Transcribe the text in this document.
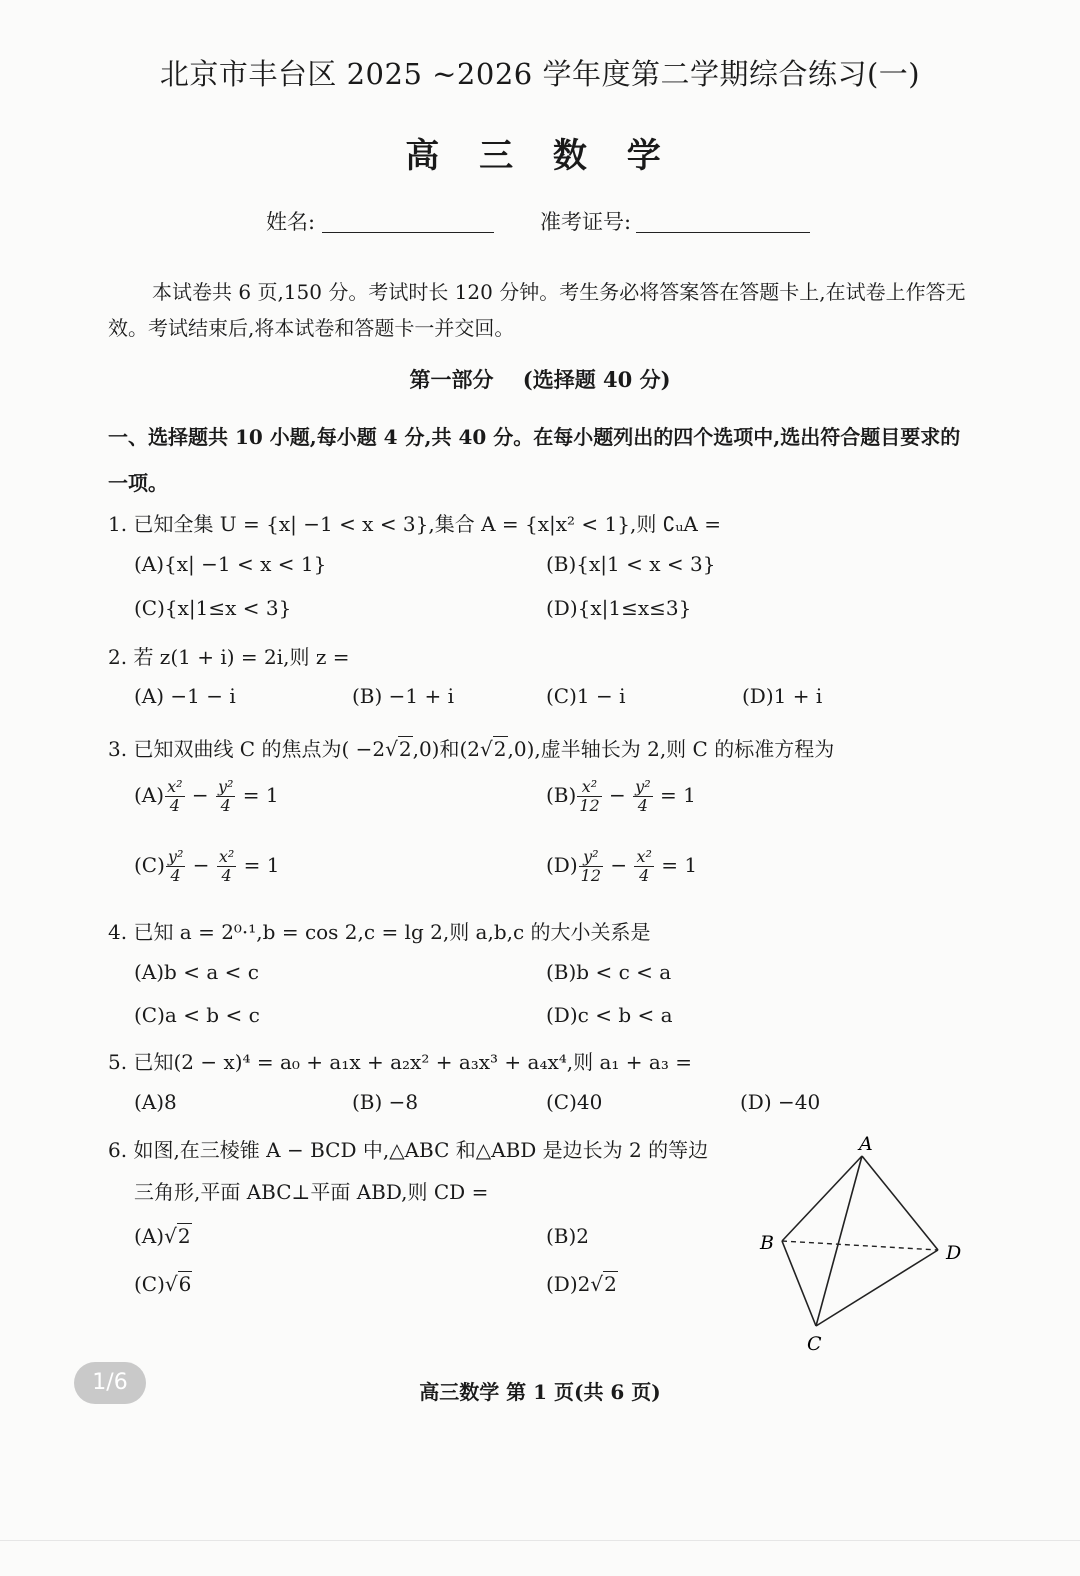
北京市丰台区 2025 ~2026 学年度第二学期综合练习(一)
高 三 数 学
姓名:	准考证号:
本试卷共 6 页,150 分。考试时长 120 分钟。考生务必将答案答在答题卡上,在试卷上作答无效。考试结束后,将本试卷和答题卡一并交回。
第一部分 (选择题 40 分)
一、选择题共 10 小题,每小题 4 分,共 40 分。在每小题列出的四个选项中,选出符合题目要求的一项。
1. 已知全集 U = {x| −1 < x < 3},集合 A = {x|x² < 1},则 ∁ᵤA =
(A){x| −1 < x < 1}	(B){x|1 < x < 3}
(C){x|1≤x < 3}	(D){x|1≤x≤3}
2. 若 z(1 + i) = 2i,则 z =
(A) −1 − i	(B) −1 + i	(C)1 − i	(D)1 + i
3. 已知双曲线 C 的焦点为( −2√2,0)和(2√2,0),虚半轴长为 2,则 C 的标准方程为
$(A) \frac{\text{x²}}{4} - \frac{\text{y²}}{4} = 1$	$(B) \frac{\text{x²}}{12} - \frac{\text{y²}}{4} = 1$
$(C) \frac{\text{y²}}{4} - \frac{\text{x²}}{4} = 1$	$(D) \frac{\text{y²}}{12} - \frac{\text{x²}}{4} = 1$
4. 已知 a = 2⁰·¹,b = cos 2,c = lg 2,则 a,b,c 的大小关系是
(A)b < a < c	(B)b < c < a
(C)a < b < c	(D)c < b < a
5. 已知(2 − x)⁴ = a₀ + a₁x + a₂x² + a₃x³ + a₄x⁴,则 a₁ + a₃ =
(A)8	(B) −8	(C)40	(D) −40
6. 如图,在三棱锥 A − BCD 中,△ABC 和△ABD 是边长为 2 的等边
三角形,平面 ABC⊥平面 ABD,则 CD =
(A)√2	(B)2
(C)√6	(D)2√2
A
B
C
D
高三数学 第 1 页(共 6 页)
1/6
